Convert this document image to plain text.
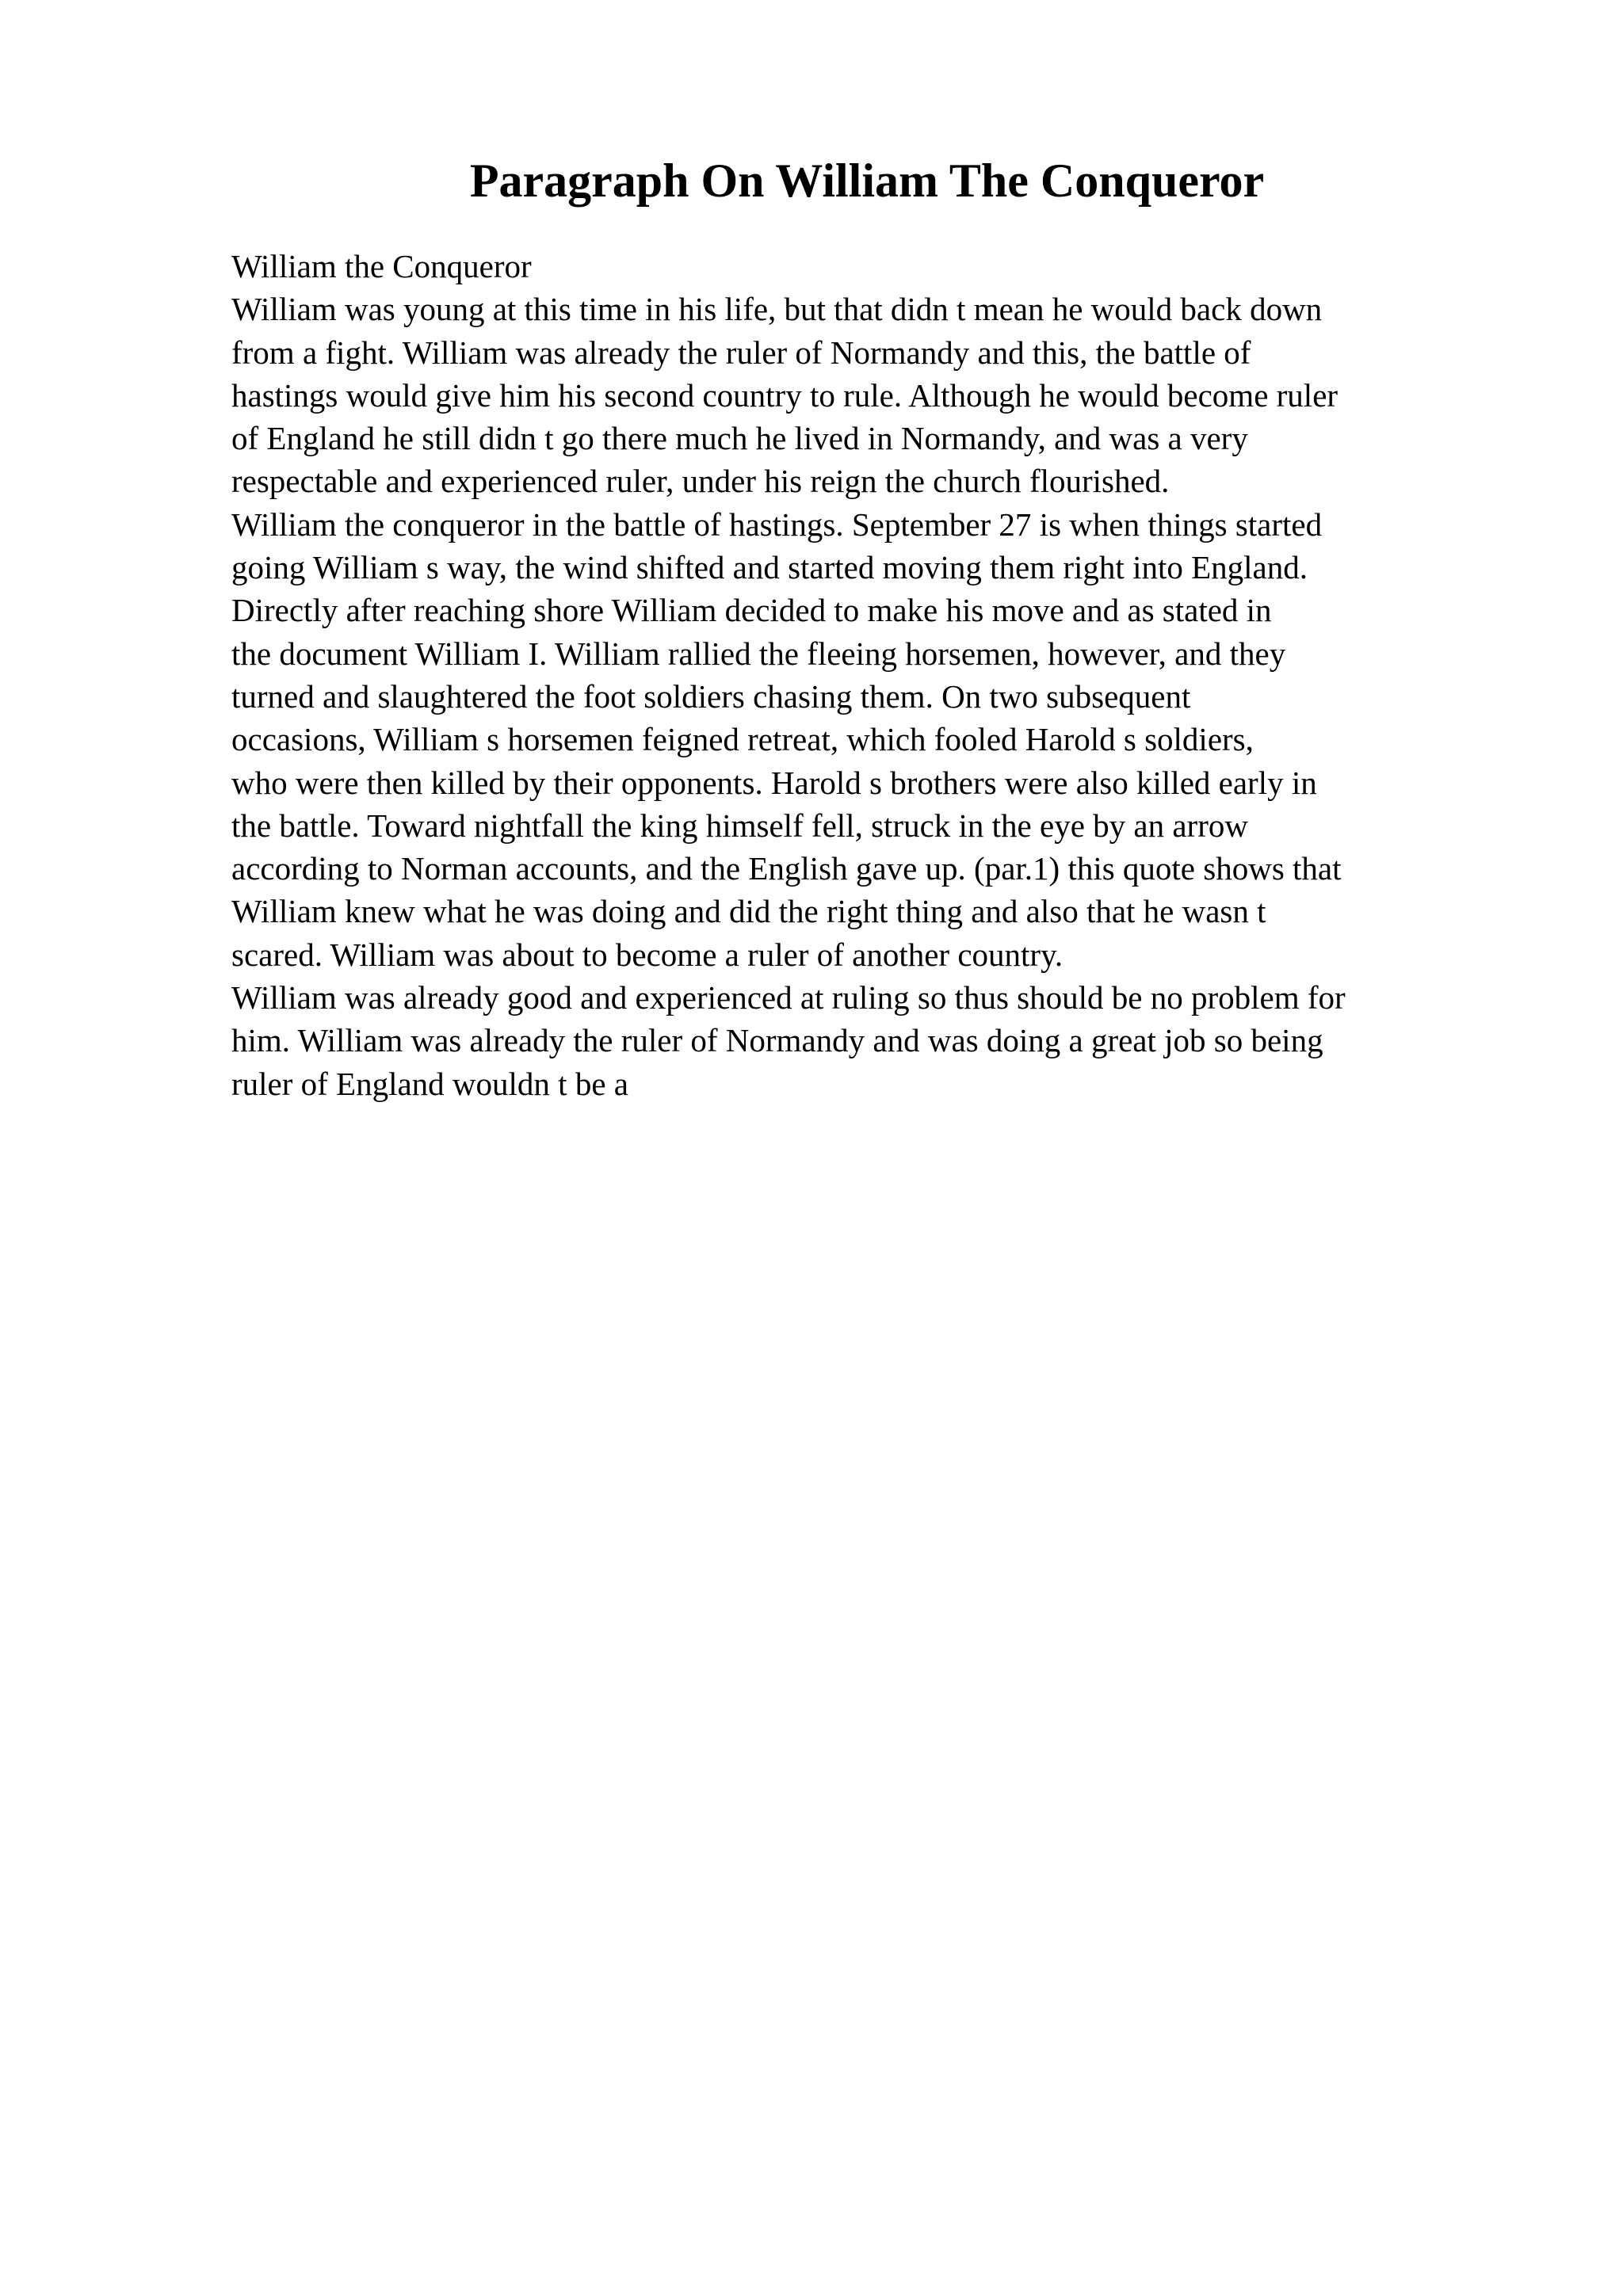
Paragraph On William The Conqueror
William the Conqueror
William was young at this time in his life, but that didn t mean he would back down
from a fight. William was already the ruler of Normandy and this, the battle of
hastings would give him his second country to rule. Although he would become ruler
of England he still didn t go there much he lived in Normandy, and was a very
respectable and experienced ruler, under his reign the church flourished.
William the conqueror in the battle of hastings. September 27 is when things started
going William s way, the wind shifted and started moving them right into England.
Directly after reaching shore William decided to make his move and as stated in
the document William I. William rallied the fleeing horsemen, however, and they
turned and slaughtered the foot soldiers chasing them. On two subsequent
occasions, William s horsemen feigned retreat, which fooled Harold s soldiers,
who were then killed by their opponents. Harold s brothers were also killed early in
the battle. Toward nightfall the king himself fell, struck in the eye by an arrow
according to Norman accounts, and the English gave up. (par.1) this quote shows that
William knew what he was doing and did the right thing and also that he wasn t
scared. William was about to become a ruler of another country.
William was already good and experienced at ruling so thus should be no problem for
him. William was already the ruler of Normandy and was doing a great job so being
ruler of England wouldn t be a
